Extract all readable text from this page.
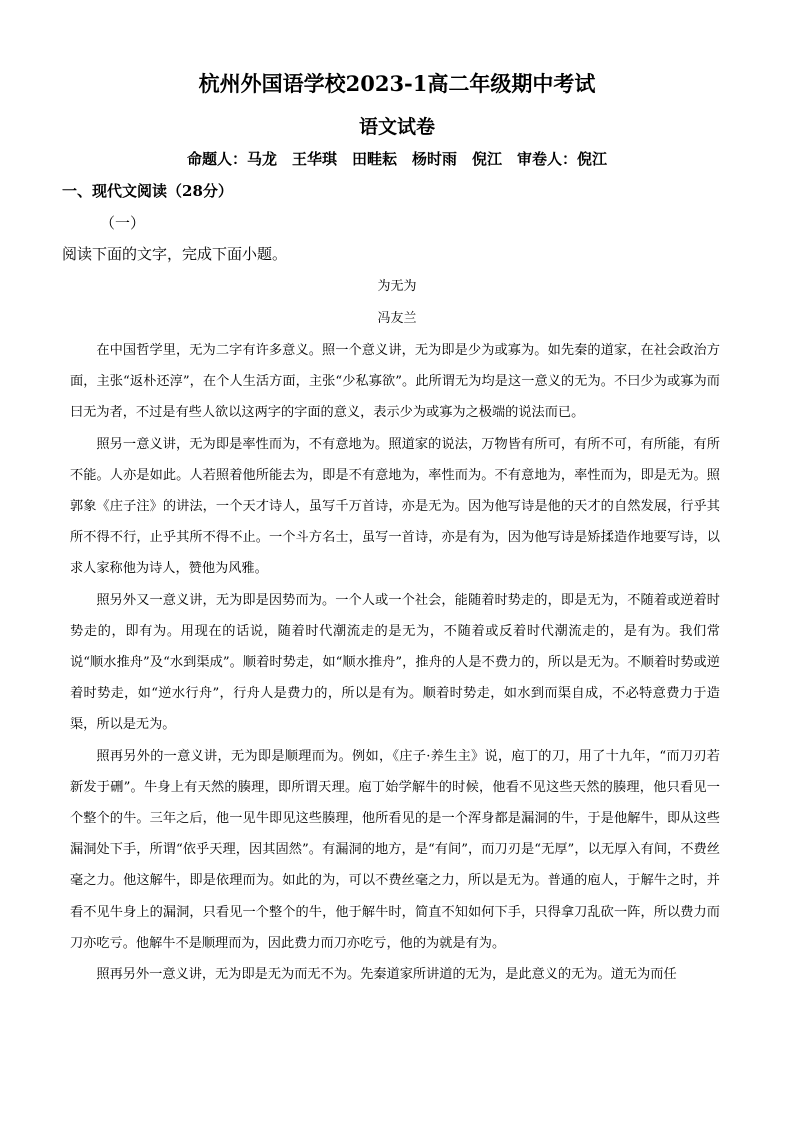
杭州外国语学校2023-1高二年级期中考试
语文试卷
命题人：马龙　王华琪　田畦耘　杨时雨　倪江　审卷人：倪江
一、现代文阅读（28分）
（一）
阅读下面的文字，完成下面小题。
为无为
冯友兰

在中国哲学里，无为二字有许多意义。照一个意义讲，无为即是少为或寡为。如先秦的道家，在社会政治方面，主张“返朴还淳”，在个人生活方面，主张“少私寡欲”。此所谓无为均是这一意义的无为。不曰少为或寡为而曰无为者，不过是有些人欲以这两字的字面的意义，表示少为或寡为之极端的说法而已。

照另一意义讲，无为即是率性而为，不有意地为。照道家的说法，万物皆有所可，有所不可，有所能，有所不能。人亦是如此。人若照着他所能去为，即是不有意地为，率性而为。不有意地为，率性而为，即是无为。照郭象《庄子注》的讲法，一个天才诗人，虽写千万首诗，亦是无为。因为他写诗是他的天才的自然发展，行乎其所不得不行，止乎其所不得不止。一个斗方名士，虽写一首诗，亦是有为，因为他写诗是矫揉造作地要写诗，以求人家称他为诗人，赞他为风雅。

照另外又一意义讲，无为即是因势而为。一个人或一个社会，能随着时势走的，即是无为，不随着或逆着时势走的，即有为。用现在的话说，随着时代潮流走的是无为，不随着或反着时代潮流走的，是有为。我们常说“顺水推舟”及“水到渠成”。顺着时势走，如“顺水推舟”，推舟的人是不费力的，所以是无为。不顺着时势或逆着时势走，如“逆水行舟”，行舟人是费力的，所以是有为。顺着时势走，如水到而渠自成，不必特意费力于造渠，所以是无为。

照再另外的一意义讲，无为即是顺理而为。例如，《庄子·养生主》说，庖丁的刀，用了十九年，“而刀刃若新发于硎”。牛身上有天然的腠理，即所谓天理。庖丁始学解牛的时候，他看不见这些天然的腠理，他只看见一个整个的牛。三年之后，他一见牛即见这些腠理，他所看见的是一个浑身都是漏洞的牛，于是他解牛，即从这些漏洞处下手，所谓“依乎天理，因其固然”。有漏洞的地方，是“有间”，而刀刃是“无厚”，以无厚入有间，不费丝毫之力。他这解牛，即是依理而为。如此的为，可以不费丝毫之力，所以是无为。普通的庖人，于解牛之时，并看不见牛身上的漏洞，只看见一个整个的牛，他于解牛时，简直不知如何下手，只得拿刀乱砍一阵，所以费力而刀亦吃亏。他解牛不是顺理而为，因此费力而刀亦吃亏，他的为就是有为。

照再另外一意义讲，无为即是无为而无不为。先秦道家所讲道的无为，是此意义的无为。道无为而任
